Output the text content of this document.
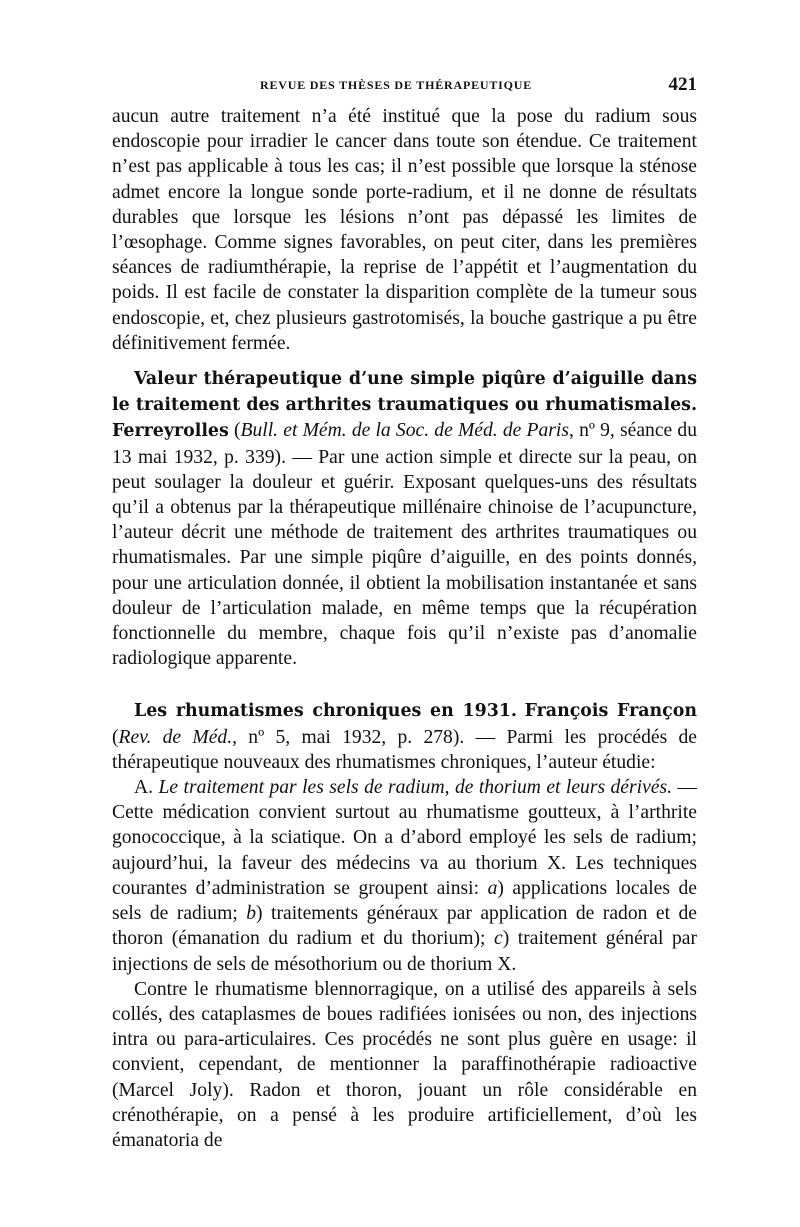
REVUE DES THÈSES DE THÉRAPEUTIQUE	421

aucun autre traitement n’a été institué que la pose du radium sous endoscopie pour irradier le cancer dans toute son étendue. Ce traitement n’est pas applicable à tous les cas; il n’est possible que lorsque la sténose admet encore la longue sonde porte-radium, et il ne donne de résultats durables que lorsque les lésions n’ont pas dépassé les limites de l’œsophage. Comme signes favorables, on peut citer, dans les premières séances de radiumthérapie, la reprise de l’appétit et l’augmentation du poids. Il est facile de constater la disparition complète de la tumeur sous endoscopie, et, chez plusieurs gastrotomisés, la bouche gastrique a pu être définitivement fermée.

Valeur thérapeutique d’une simple piqûre d’aiguille dans le traitement des arthrites traumatiques ou rhumatismales. Ferreyrolles (Bull. et Mém. de la Soc. de Méd. de Paris, nº 9, séance du 13 mai 1932, p. 339). — Par une action simple et directe sur la peau, on peut soulager la douleur et guérir. Exposant quelques-uns des résultats qu’il a obtenus par la thérapeutique millénaire chinoise de l’acupuncture, l’auteur décrit une méthode de traitement des arthrites traumatiques ou rhumatismales. Par une simple piqûre d’aiguille, en des points donnés, pour une articulation donnée, il obtient la mobilisation instantanée et sans douleur de l’articulation malade, en même temps que la récupération fonctionnelle du membre, chaque fois qu’il n’existe pas d’anomalie radiologique apparente.

Les rhumatismes chroniques en 1931. François Françon (Rev. de Méd., nº 5, mai 1932, p. 278). — Parmi les procédés de thérapeutique nouveaux des rhumatismes chroniques, l’auteur étudie:

A. Le traitement par les sels de radium, de thorium et leurs dérivés. — Cette médication convient surtout au rhumatisme goutteux, à l’arthrite gonococcique, à la sciatique. On a d’abord employé les sels de radium; aujourd’hui, la faveur des médecins va au thorium X. Les techniques courantes d’administration se groupent ainsi: a) applications locales de sels de radium; b) traitements généraux par application de radon et de thoron (émanation du radium et du thorium); c) traitement général par injections de sels de mésothorium ou de thorium X.

Contre le rhumatisme blennorragique, on a utilisé des appareils à sels collés, des cataplasmes de boues radifiées ionisées ou non, des injections intra ou para-articulaires. Ces procédés ne sont plus guère en usage: il convient, cependant, de mentionner la paraffinothérapie radioactive (Marcel Joly). Radon et thoron, jouant un rôle considérable en crénothérapie, on a pensé à les produire artificiellement, d’où les émanatoria de
